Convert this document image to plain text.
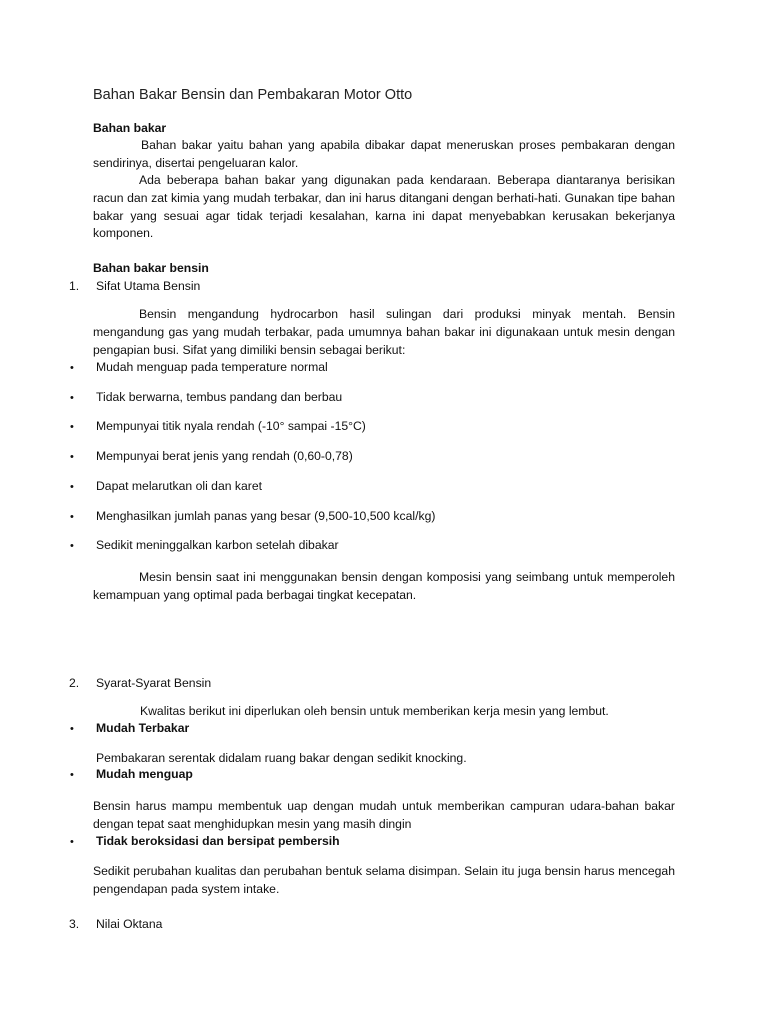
Bahan Bakar Bensin dan Pembakaran Motor Otto
Bahan bakar
Bahan bakar yaitu bahan yang apabila dibakar dapat meneruskan proses pembakaran dengan sendirinya, disertai pengeluaran kalor.
Ada beberapa bahan bakar yang digunakan pada kendaraan. Beberapa diantaranya berisikan racun dan zat kimia yang mudah terbakar, dan ini harus ditangani dengan berhati-hati. Gunakan tipe bahan bakar yang sesuai agar tidak terjadi kesalahan, karna ini dapat menyebabkan kerusakan bekerjanya komponen.
Bahan bakar bensin
1. Sifat Utama Bensin
Bensin mengandung hydrocarbon hasil sulingan dari produksi minyak mentah. Bensin mengandung gas yang mudah terbakar, pada umumnya bahan bakar ini digunakaan untuk mesin dengan pengapian busi. Sifat yang dimiliki bensin sebagai berikut:
• Mudah menguap pada temperature normal
• Tidak berwarna, tembus pandang dan berbau
• Mempunyai titik nyala rendah (-10° sampai -15°C)
• Mempunyai berat jenis yang rendah (0,60-0,78)
• Dapat melarutkan oli dan karet
• Menghasilkan jumlah panas yang besar (9,500-10,500 kcal/kg)
• Sedikit meninggalkan karbon setelah dibakar
Mesin bensin saat ini menggunakan bensin dengan komposisi yang seimbang untuk memperoleh kemampuan yang optimal pada berbagai tingkat kecepatan.
2. Syarat-Syarat Bensin
Kwalitas berikut ini diperlukan oleh bensin untuk memberikan kerja mesin yang lembut.
• Mudah Terbakar
Pembakaran serentak didalam ruang bakar dengan sedikit knocking.
• Mudah menguap
Bensin harus mampu membentuk uap dengan mudah untuk memberikan campuran udara-bahan bakar dengan tepat saat menghidupkan mesin yang masih dingin
• Tidak beroksidasi dan bersipat pembersih
Sedikit perubahan kualitas dan perubahan bentuk selama disimpan. Selain itu juga bensin harus mencegah pengendapan pada system intake.
3. Nilai Oktana
